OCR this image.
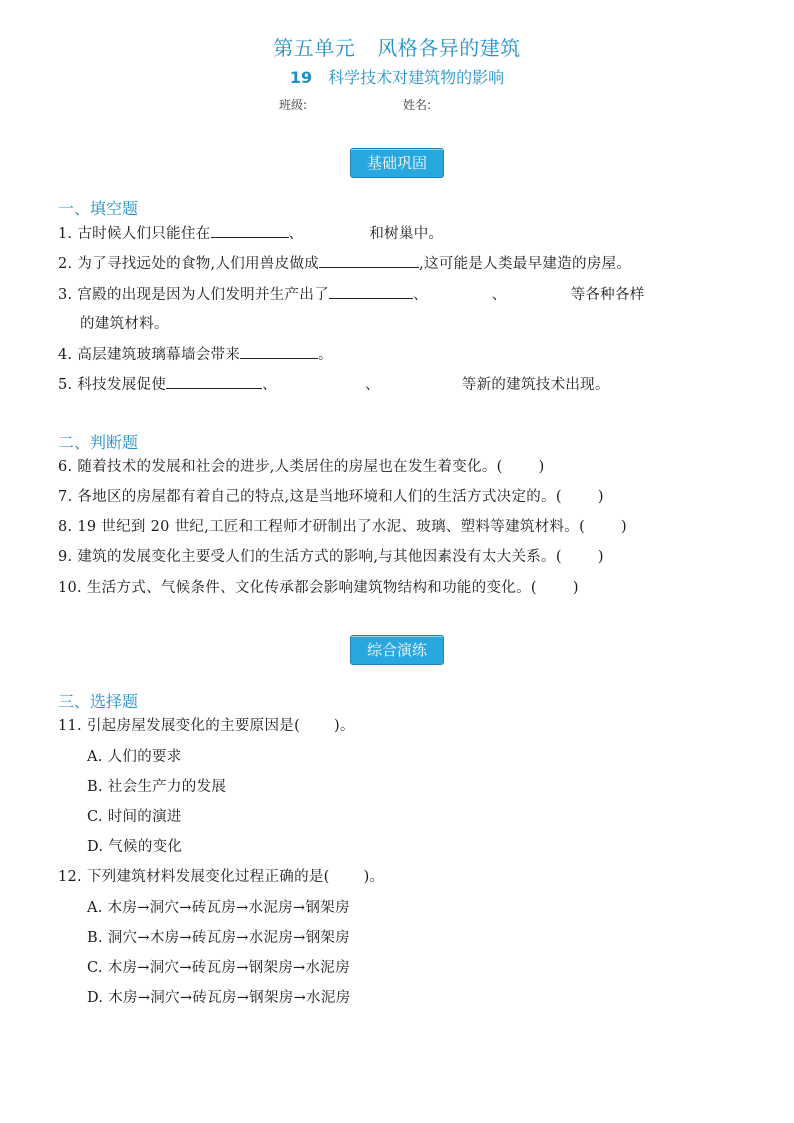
第五单元 风格各异的建筑
19 科学技术对建筑物的影响
班级:	姓名:
基础巩固
一、填空题
1. 古时候人们只能住在	、	和树巢中。
2. 为了寻找远处的食物,人们用兽皮做成	,这可能是人类最早建造的房屋。
3. 宫殿的出现是因为人们发明并生产出了	、	、	等各种各样
的建筑材料。
4. 高层建筑玻璃幕墙会带来	。
5. 科技发展促使	、	、	等新的建筑技术出现。
二、判断题
6. 随着技术的发展和社会的进步,人类居住的房屋也在发生着变化。( )
7. 各地区的房屋都有着自己的特点,这是当地环境和人们的生活方式决定的。( )
8. 19 世纪到 20 世纪,工匠和工程师才研制出了水泥、玻璃、塑料等建筑材料。( )
9. 建筑的发展变化主要受人们的生活方式的影响,与其他因素没有太大关系。( )
10. 生活方式、气候条件、文化传承都会影响建筑物结构和功能的变化。( )
综合演练
三、选择题
11. 引起房屋发展变化的主要原因是( )。
A. 人们的要求
B. 社会生产力的发展
C. 时间的演进
D. 气候的变化
12. 下列建筑材料发展变化过程正确的是( )。
A. 木房→洞穴→砖瓦房→水泥房→钢架房
B. 洞穴→木房→砖瓦房→水泥房→钢架房
C. 木房→洞穴→砖瓦房→钢架房→水泥房
D. 木房→洞穴→砖瓦房→钢架房→水泥房
